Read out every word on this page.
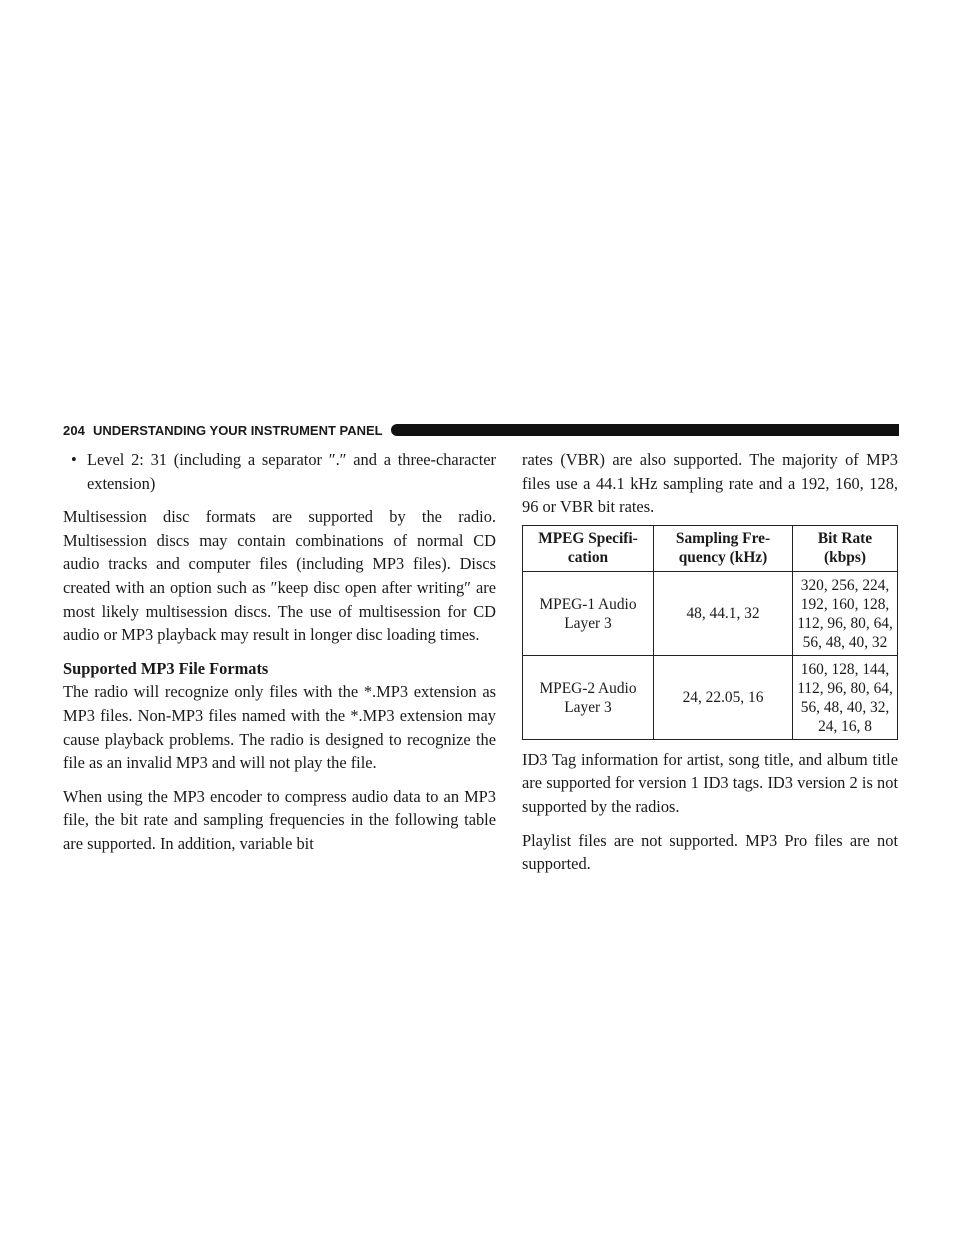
204 UNDERSTANDING YOUR INSTRUMENT PANEL
• Level 2: 31 (including a separator ″.″ and a three-character extension)

Multisession disc formats are supported by the radio. Multisession discs may contain combinations of normal CD audio tracks and computer files (including MP3 files). Discs created with an option such as ″keep disc open after writing″ are most likely multisession discs. The use of multisession for CD audio or MP3 playback may result in longer disc loading times.

Supported MP3 File Formats

The radio will recognize only files with the *.MP3 extension as MP3 files. Non-MP3 files named with the *.MP3 extension may cause playback problems. The radio is designed to recognize the file as an invalid MP3 and will not play the file.

When using the MP3 encoder to compress audio data to an MP3 file, the bit rate and sampling frequencies in the following table are supported. In addition, variable bit

rates (VBR) are also supported. The majority of MP3 files use a 44.1 kHz sampling rate and a 192, 160, 128, 96 or VBR bit rates.

MPEG Specifi-cation	Sampling Fre-quency (kHz)	Bit Rate (kbps)
MPEG-1 Audio Layer 3	48, 44.1, 32	320, 256, 224, 192, 160, 128, 112, 96, 80, 64, 56, 48, 40, 32
MPEG-2 Audio Layer 3	24, 22.05, 16	160, 128, 144, 112, 96, 80, 64, 56, 48, 40, 32, 24, 16, 8

ID3 Tag information for artist, song title, and album title are supported for version 1 ID3 tags. ID3 version 2 is not supported by the radios.

Playlist files are not supported. MP3 Pro files are not supported.
